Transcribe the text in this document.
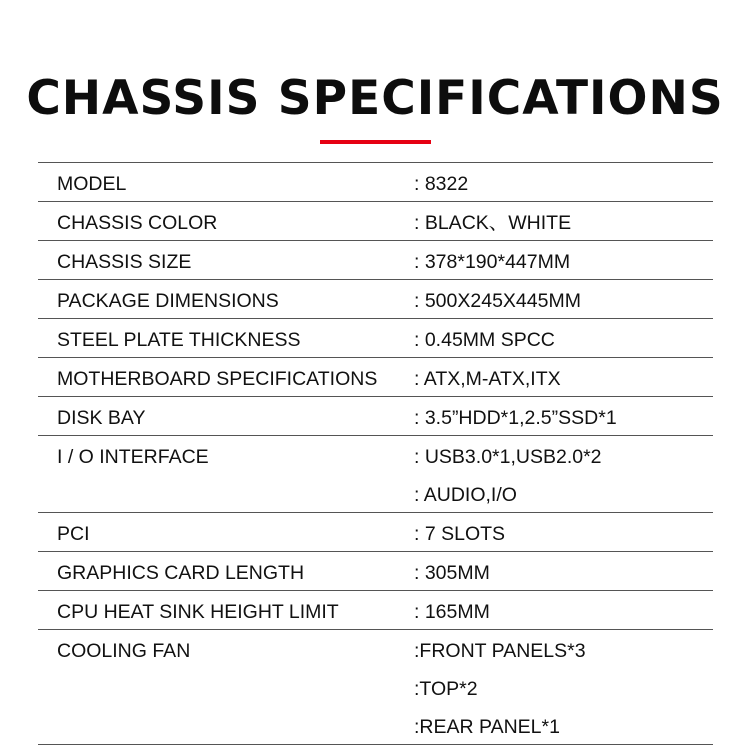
CHASSIS SPECIFICATIONS
MODEL	: 8322
CHASSIS COLOR	: BLACK、WHITE
CHASSIS SIZE	: 378*190*447MM
PACKAGE DIMENSIONS	: 500X245X445MM
STEEL PLATE THICKNESS	: 0.45MM SPCC
MOTHERBOARD SPECIFICATIONS : ATX,M-ATX,ITX
DISK BAY	: 3.5”HDD*1,2.5”SSD*1
I / O INTERFACE	: USB3.0*1,USB2.0*2
: AUDIO,I/O
PCI	: 7 SLOTS
GRAPHICS CARD LENGTH	: 305MM
CPU HEAT SINK HEIGHT LIMIT	: 165MM
COOLING FAN	:FRONT PANELS*3
:TOP*2
:REAR PANEL*1
